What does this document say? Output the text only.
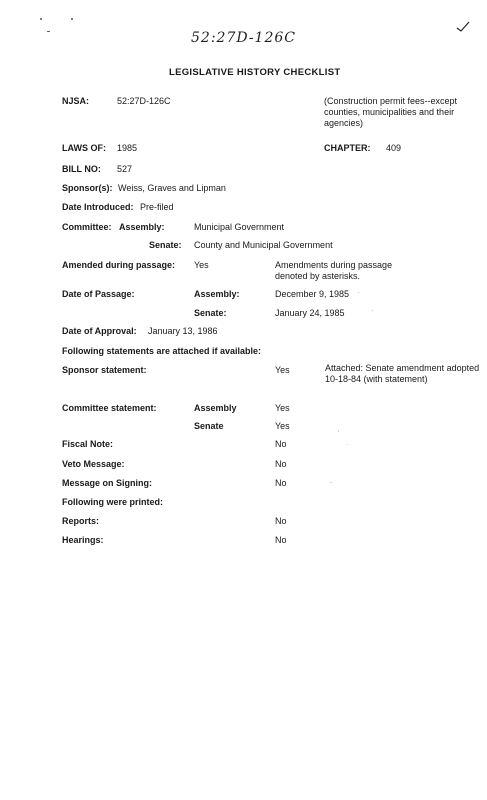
52:27D-126C
LEGISLATIVE HISTORY CHECKLIST
NJSA:	52:27D-126C	(Construction permit fees--except counties, municipalities and their agencies)
LAWS OF: 1985	CHAPTER: 409
BILL NO: 527
Sponsor(s): Weiss, Graves and Lipman
Date Introduced: Pre-filed
Committee: Assembly:	Municipal Government
Senate: County and Municipal Government
Amended during passage: Yes	Amendments during passage denoted by asterisks.
Date of Passage:	Assembly:	December 9, 1985
Senate:	January 24, 1985
Date of Approval: January 13, 1986
Following statements are attached if available:
Sponsor statement:	Yes	Attached: Senate amendment adopted 10-18-84 (with statement)
Committee statement:	Assembly	Yes
Senate	Yes
Fiscal Note:	No
Veto Message:	No
Message on Signing:	No
Following were printed:
Reports:	No
Hearings:	No
